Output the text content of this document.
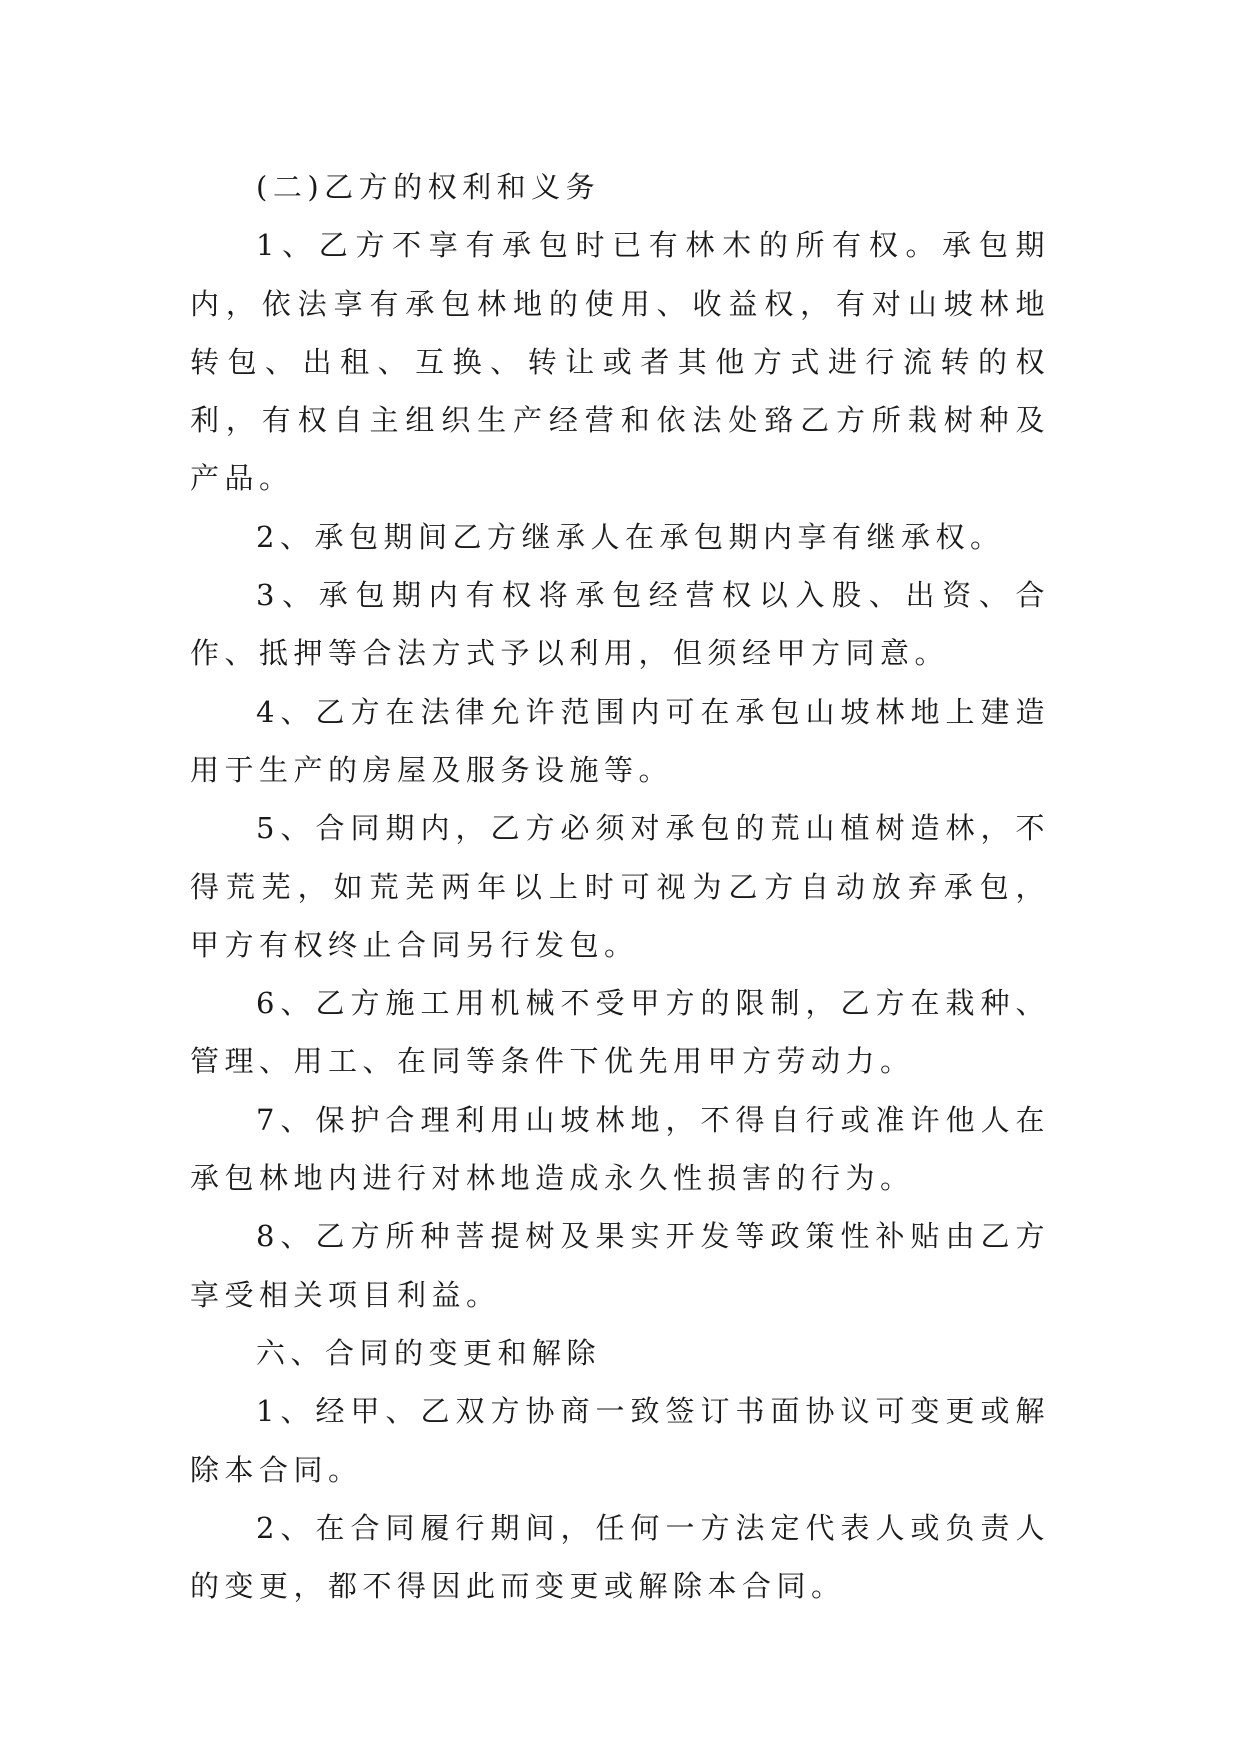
(二)乙方的权利和义务

1、乙方不享有承包时已有林木的所有权。承包期内，依法享有承包林地的使用、收益权，有对山坡林地转包、出租、互换、转让或者其他方式进行流转的权利，有权自主组织生产经营和依法处臵乙方所栽树种及产品。

2、承包期间乙方继承人在承包期内享有继承权。

3、承包期内有权将承包经营权以入股、出资、合作、抵押等合法方式予以利用，但须经甲方同意。

4、乙方在法律允许范围内可在承包山坡林地上建造用于生产的房屋及服务设施等。

5、合同期内，乙方必须对承包的荒山植树造林，不得荒芜，如荒芜两年以上时可视为乙方自动放弃承包，甲方有权终止合同另行发包。

6、乙方施工用机械不受甲方的限制，乙方在栽种、管理、用工、在同等条件下优先用甲方劳动力。

7、保护合理利用山坡林地，不得自行或准许他人在承包林地内进行对林地造成永久性损害的行为。

8、乙方所种菩提树及果实开发等政策性补贴由乙方享受相关项目利益。

六、合同的变更和解除

1、经甲、乙双方协商一致签订书面协议可变更或解除本合同。

2、在合同履行期间，任何一方法定代表人或负责人的变更，都不得因此而变更或解除本合同。
